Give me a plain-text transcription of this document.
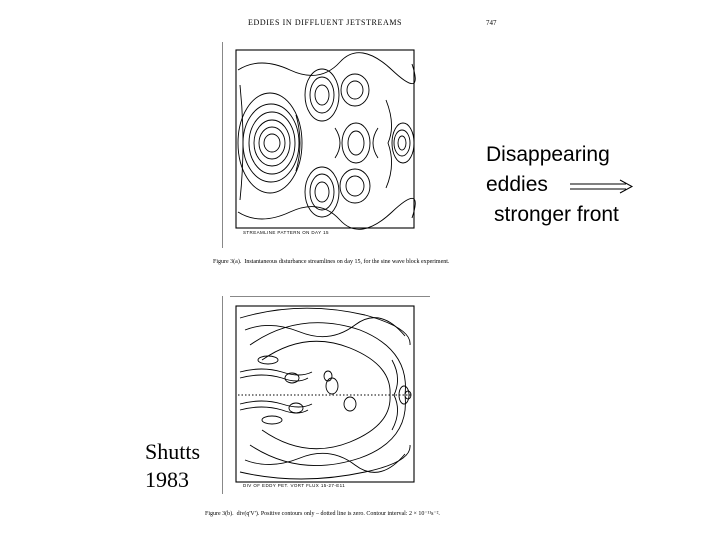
EDDIES IN DIFFLUENT JETSTREAMS	747
STREAMLINE PATTERN ON DAY 15
Figure 3(a). Instantaneous disturbance streamlines on day 15, for the sine wave block experiment.
DIV OF EDDY PET. VORT FLUX 15-27-E11
Figure 3(b). div(q'V'). Positive contours only – dotted line is zero. Contour interval: 2 × 10⁻¹¹s⁻².
Disappearing
eddies
stronger front
Shutts
1983
